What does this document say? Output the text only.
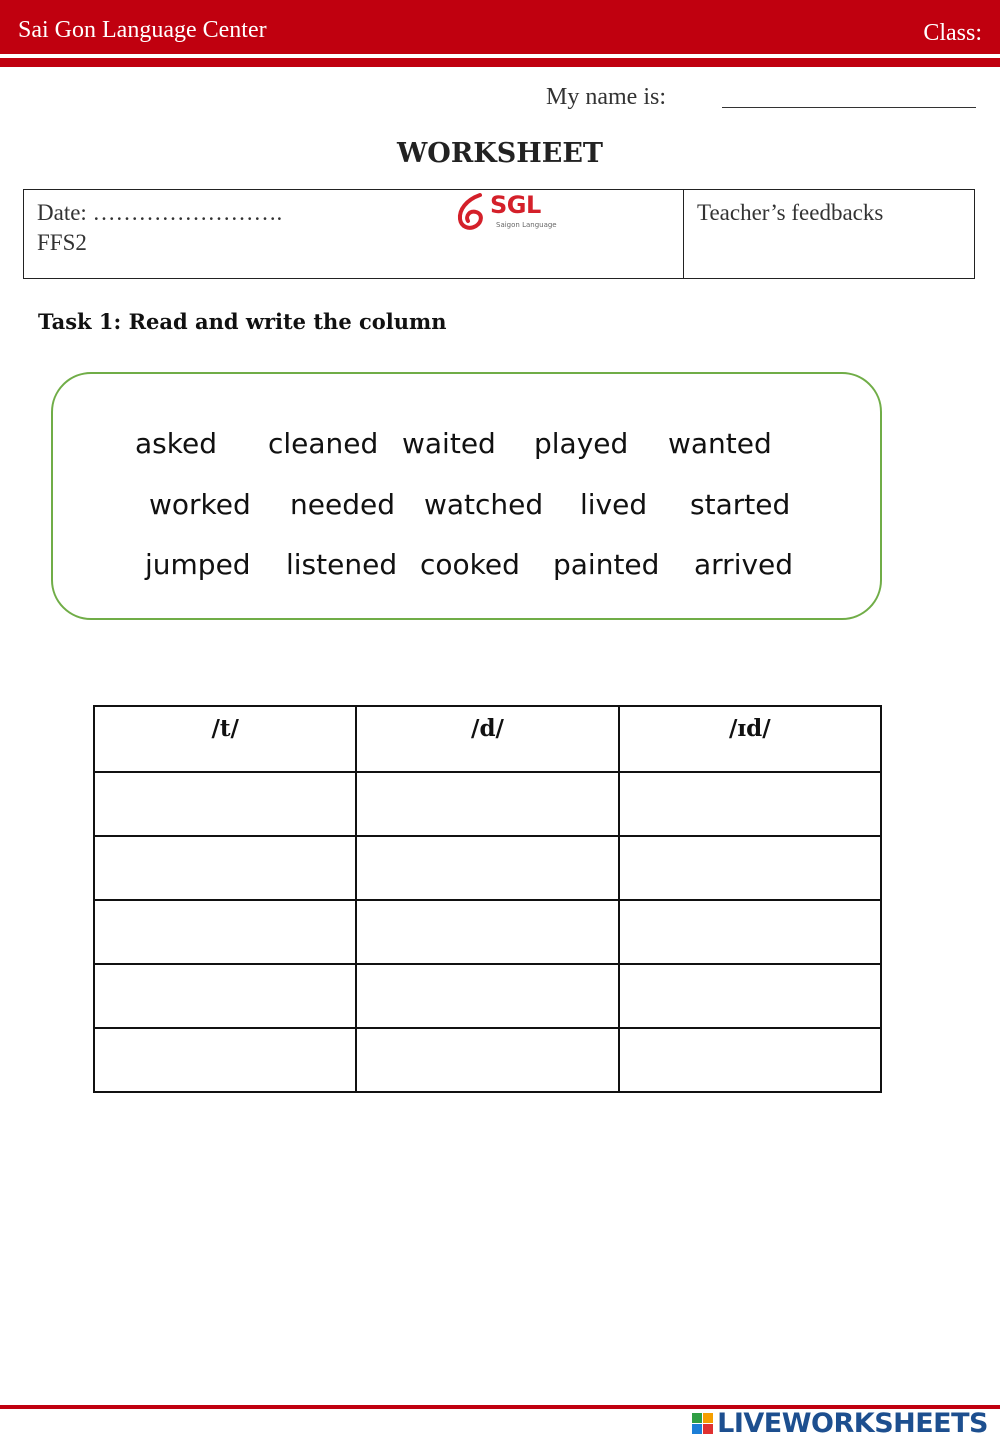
Sai Gon Language Center	Class:
My name is:
WORKSHEET
Date: …………………….
FFS2
SGL
Saigon Language	Teacher’s feedbacks
Task 1: Read and write the column
asked cleaned waited played wanted
worked needed watched lived started
jumped listened cooked painted arrived
/t/	/d/	/ɪd/

LIVEWORKSHEETS
